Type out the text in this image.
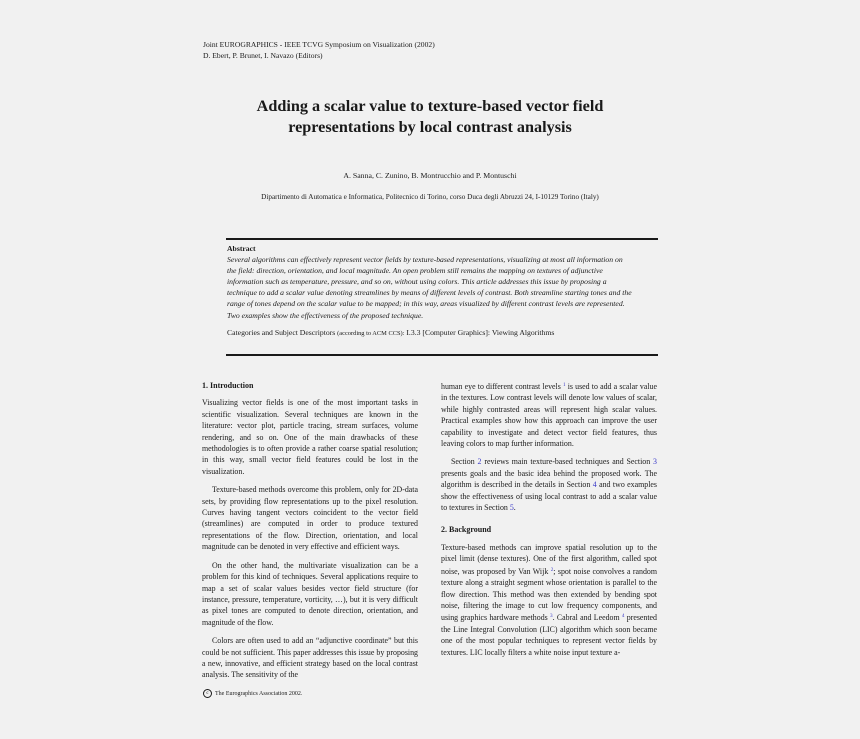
Joint EUROGRAPHICS - IEEE TCVG Symposium on Visualization (2002)
D. Ebert, P. Brunet, I. Navazo (Editors)
Adding a scalar value to texture-based vector field
representations by local contrast analysis
A. Sanna, C. Zunino, B. Montrucchio and P. Montuschi
Dipartimento di Automatica e Informatica, Politecnico di Torino, corso Duca degli Abruzzi 24, I-10129 Torino (Italy)
Abstract
Several algorithms can effectively represent vector fields by texture-based representations, visualizing at most all information on the field: direction, orientation, and local magnitude. An open problem still remains the mapping on textures of adjunctive information such as temperature, pressure, and so on, without using colors. This article addresses this issue by proposing a technique to add a scalar value denoting streamlines by means of different levels of contrast. Both streamline starting tones and the range of tones depend on the scalar value to be mapped; in this way, areas visualized by different contrast levels are represented. Two examples show the effectiveness of the proposed technique.
Categories and Subject Descriptors (according to ACM CCS): I.3.3 [Computer Graphics]: Viewing Algorithms
1. Introduction

Visualizing vector fields is one of the most important tasks in scientific visualization. Several techniques are known in the literature: vector plot, particle tracing, stream surfaces, volume rendering, and so on. One of the main drawbacks of these methodologies is to often provide a rather coarse spatial resolution; in this way, small vector field features could be lost in the visualization.

Texture-based methods overcome this problem, only for 2D-data sets, by providing flow representations up to the pixel resolution. Curves having tangent vectors coincident to the vector field (streamlines) are computed in order to produce textured representations of the flow. Direction, orientation, and local magnitude can be denoted in very effective and efficient ways.

On the other hand, the multivariate visualization can be a problem for this kind of techniques. Several applications require to map a set of scalar values besides vector field structure (for instance, pressure, temperature, vorticity, …), but it is very difficult as pixel tones are computed to denote direction, orientation, and magnitude of the flow.

Colors are often used to add an “adjunctive coordinate” but this could be not sufficient. This paper addresses this issue by proposing a new, innovative, and efficient strategy based on the local contrast analysis. The sensitivity of the

human eye to different contrast levels $^1$ is used to add a scalar value in the textures. Low contrast levels will denote low values of scalar, while highly contrasted areas will represent high scalar values. Practical examples show how this approach can improve the user capability to investigate and detect vector field features, thus leaving colors to map further information.

Section 2 reviews main texture-based techniques and Section 3 presents goals and the basic idea behind the proposed work. The algorithm is described in the details in Section 4 and two examples show the effectiveness of using local contrast to add a scalar value to textures in Section 5.

2. Background

Texture-based methods can improve spatial resolution up to the pixel limit (dense textures). One of the first algorithm, called spot noise, was proposed by Van Wijk $^2$; spot noise convolves a random texture along a straight segment whose orientation is parallel to the flow direction. This method was then extended by bending spot noise, filtering the image to cut low frequency components, and using graphics hardware methods $^3$. Cabral and Leedom $^4$ presented the Line Integral Convolution (LIC) algorithm which soon became one of the most popular techniques to represent vector fields by textures. LIC locally filters a white noise input texture a-

c	The Eurographics Association 2002.
